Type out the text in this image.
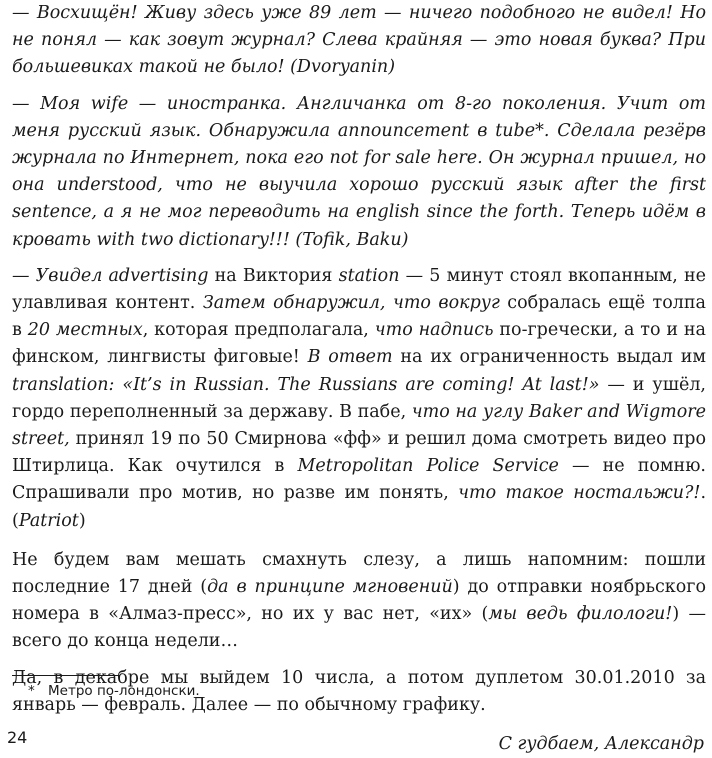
— Восхищён! Живу здесь уже 89 лет — ничего подобного не видел! Но не понял — как зовут журнал? Слева крайняя — это новая буква? При большевиках такой не было! (Dvoryanin)

— Моя wife — иностранка. Англичанка от 8-го поколения. Учит от меня русский язык. Обнаружила announcement в tube*. Сделала резёрв журнала по Интернет, пока его not for sale here. Он журнал пришел, но она understood, что не выучила хорошо русский язык after the first sentence, а я не мог переводить на english since the forth. Теперь идём в кровать with two dictionary!!! (Tofik, Baku)

— Увидел advertising на Виктория station — 5 минут стоял вкопанным, не улавливая контент. Затем обнаружил, что вокруг собралась ещё толпа в 20 местных, которая предполагала, что надпись по-гречески, а то и на финском, лингвисты фиговые! В ответ на их ограниченность выдал им translation: «It’s in Russian. The Russians are coming! At last!» — и ушёл, гордо переполненный за державу. В пабе, что на углу Baker and Wigmore street, принял 19 по 50 Смирнова «фф» и решил дома смотреть видео про Штирлица. Как очутился в Metropolitan Police Service — не помню. Спрашивали про мотив, но разве им понять, что такое ностальжи?!. (Patriot)

Не будем вам мешать смахнуть слезу, а лишь напомним: пошли последние 17 дней (да в принципе мгновений) до отправки ноябрьского номера в «Алмаз-пресс», но их у вас нет, «их» (мы ведь филологи!) — всего до конца недели…

Да, в декабре мы выйдем 10 числа, а потом дуплетом 30.01.2010 за январь — февраль. Далее — по обычному графику.

С гудбаем, Александр

* Метро по-лондонски.
24
